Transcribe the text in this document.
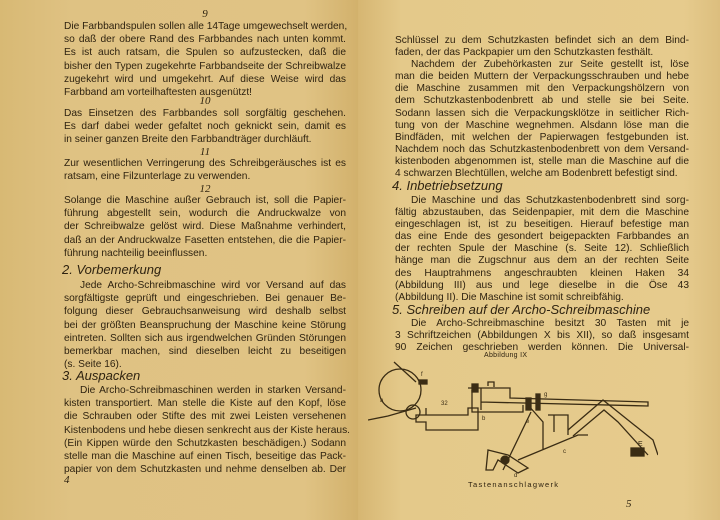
9
Die Farbbandspulen sollen alle 14Tage umgewechselt werden,
so daß der obere Rand des Farbbandes nach unten kommt.
Es ist auch ratsam, die Spulen so aufzustecken, daß die
bisher den Typen zugekehrte Farbbandseite der Schreibwalze
zugekehrt wird und umgekehrt. Auf diese Weise wird das
Farbband am vorteilhaftesten ausgenützt!
10
Das Einsetzen des Farbbandes soll sorgfältig geschehen.
Es darf dabei weder gefaltet noch geknickt sein, damit es
in seiner ganzen Breite den Farbbandträger durchläuft.
11
Zur wesentlichen Verringerung des Schreibgeräusches ist es
ratsam, eine Filzunterlage zu verwenden.
12
Solange die Maschine außer Gebrauch ist, soll die Papier-
führung abgestellt sein, wodurch die Andruckwalze von
der Schreibwalze gelöst wird. Diese Maßnahme verhindert,
daß an der Andruckwalze Fasetten entstehen, die die Papier-
führung nachteilig beeinflussen.
2. Vorbemerkung
Jede Archo-Schreibmaschine wird vor Versand auf das
sorgfältigste geprüft und eingeschrieben. Bei genauer Be-
folgung dieser Gebrauchsanweisung wird deshalb selbst
bei der größten Beanspruchung der Maschine keine Störung
eintreten. Sollten sich aus irgendwelchen Gründen Störungen
bemerkbar machen, sind dieselben leicht zu beseitigen
(s. Seite 16).
3. Auspacken
Die Archo-Schreibmaschinen werden in starken Versand-
kisten transportiert. Man stelle die Kiste auf den Kopf, löse
die Schrauben oder Stifte des mit zwei Leisten versehenen
Kistenbodens und hebe diesen senkrecht aus der Kiste heraus.
(Ein Kippen würde den Schutzkasten beschädigen.) Sodann
stelle man die Maschine auf einen Tisch, beseitige das Pack-
papier von dem Schutzkasten und nehme denselben ab. Der
4
Schlüssel zu dem Schutzkasten befindet sich an dem Bind-
faden, der das Packpapier um den Schutzkasten festhält.
Nachdem der Zubehörkasten zur Seite gestellt ist, löse
man die beiden Muttern der Verpackungsschrauben und hebe
die Maschine zusammen mit den Verpackungshölzern von
dem Schutzkastenbodenbrett ab und stelle sie bei Seite.
Sodann lassen sich die Verpackungsklötze in seitlicher Rich-
tung von der Maschine wegnehmen. Alsdann löse man die
Bindfäden, mit welchen der Papierwagen festgebunden ist.
Nachdem noch das Schutzkastenbodenbrett von dem Versand-
kistenboden abgenommen ist, stelle man die Maschine auf die
4 schwarzen Blechtüllen, welche am Bodenbrett befestigt sind.
4. Inbetriebsetzung
Die Maschine und das Schutzkastenbodenbrett sind sorg-
fältig abzustauben, das Seidenpapier, mit dem die Maschine
eingeschlagen ist, ist zu beseitigen. Hierauf befestige man
das eine Ende des gesondert beigepackten Farbbandes an
der rechten Spule der Maschine (s. Seite 12). Schließlich
hänge man die Zugschnur aus dem an der rechten Seite
des Hauptrahmens angeschraubten kleinen Haken 34
(Abbildung III) aus und lege dieselbe in die Öse 43
(Abbildung II). Die Maschine ist somit schreibfähig.
5. Schreiben auf der Archo-Schreibmaschine
Die Archo-Schreibmaschine besitzt 30 Tasten mit je
3 Schriftzeichen (Abbildungen X bis XII), so daß insgesamt
90 Zeichen geschrieben werden können. Die Universal-
Abbildung IX
E
32
a
b
c
d
e
f
g
Tastenanschlagwerk
5
